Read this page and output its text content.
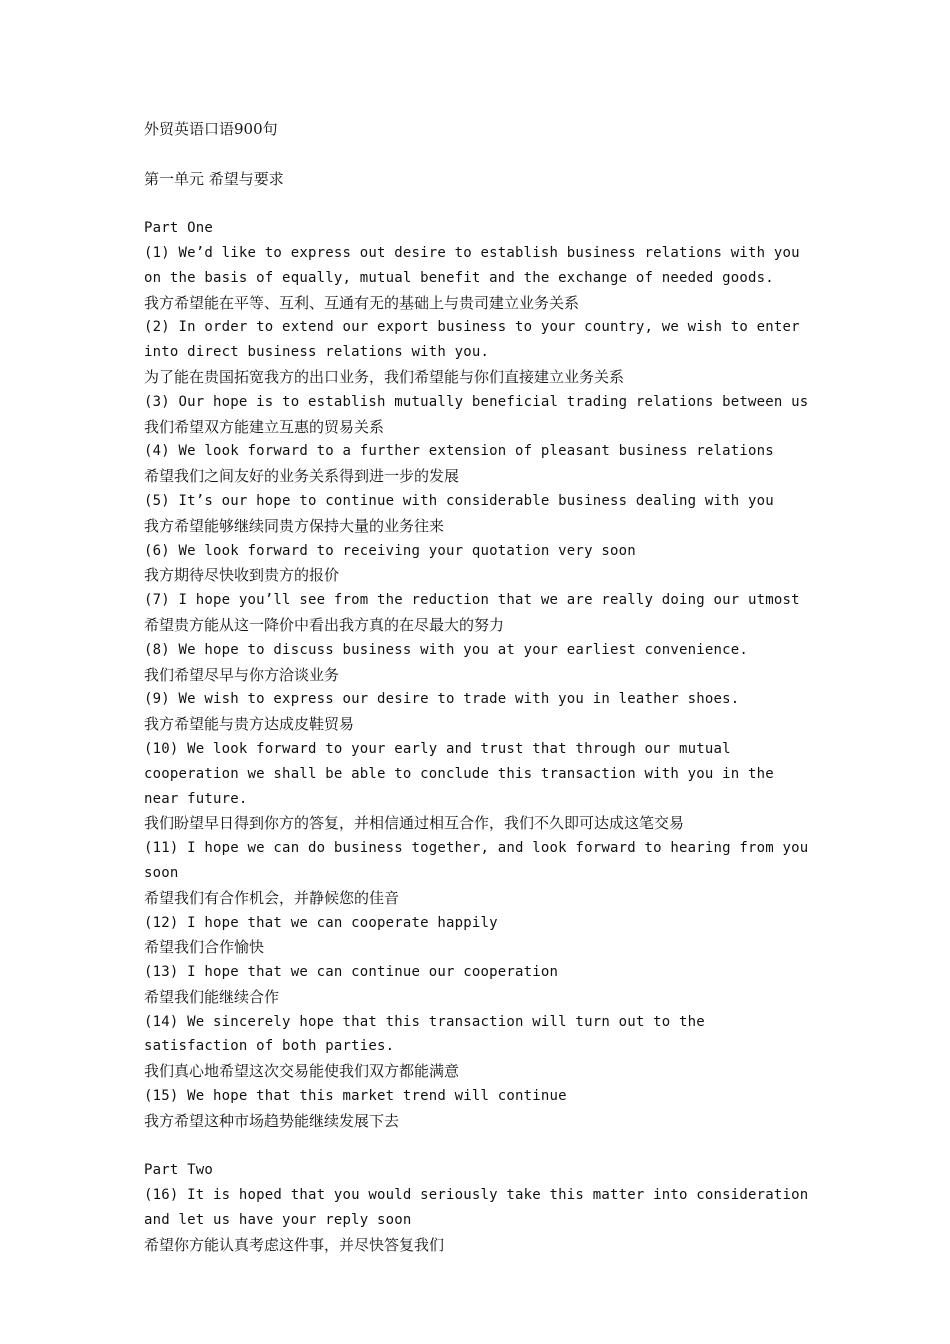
外贸英语口语900句
第一单元 希望与要求
Part One
(1) We’d like to express out desire to establish business relations with you on the basis of equally, mutual benefit and the exchange of needed goods.
我方希望能在平等、互利、互通有无的基础上与贵司建立业务关系
(2) In order to extend our export business to your country, we wish to enter into direct business relations with you.
为了能在贵国拓宽我方的出口业务，我们希望能与你们直接建立业务关系
(3) Our hope is to establish mutually beneficial trading relations between us
我们希望双方能建立互惠的贸易关系
(4) We look forward to a further extension of pleasant business relations
希望我们之间友好的业务关系得到进一步的发展
(5) It’s our hope to continue with considerable business dealing with you
我方希望能够继续同贵方保持大量的业务往来
(6) We look forward to receiving your quotation very soon
我方期待尽快收到贵方的报价
(7) I hope you’ll see from the reduction that we are really doing our utmost
希望贵方能从这一降价中看出我方真的在尽最大的努力
(8) We hope to discuss business with you at your earliest convenience.
我们希望尽早与你方洽谈业务
(9) We wish to express our desire to trade with you in leather shoes.
我方希望能与贵方达成皮鞋贸易
(10) We look forward to your early and trust that through our mutual cooperation we shall be able to conclude this transaction with you in the near future.
我们盼望早日得到你方的答复，并相信通过相互合作，我们不久即可达成这笔交易
(11) I hope we can do business together, and look forward to hearing from you soon
希望我们有合作机会，并静候您的佳音
(12) I hope that we can cooperate happily
希望我们合作愉快
(13) I hope that we can continue our cooperation
希望我们能继续合作
(14) We sincerely hope that this transaction will turn out to the satisfaction of both parties.
我们真心地希望这次交易能使我们双方都能满意
(15) We hope that this market trend will continue
我方希望这种市场趋势能继续发展下去
Part Two
(16) It is hoped that you would seriously take this matter into consideration and let us have your reply soon
希望你方能认真考虑这件事，并尽快答复我们
